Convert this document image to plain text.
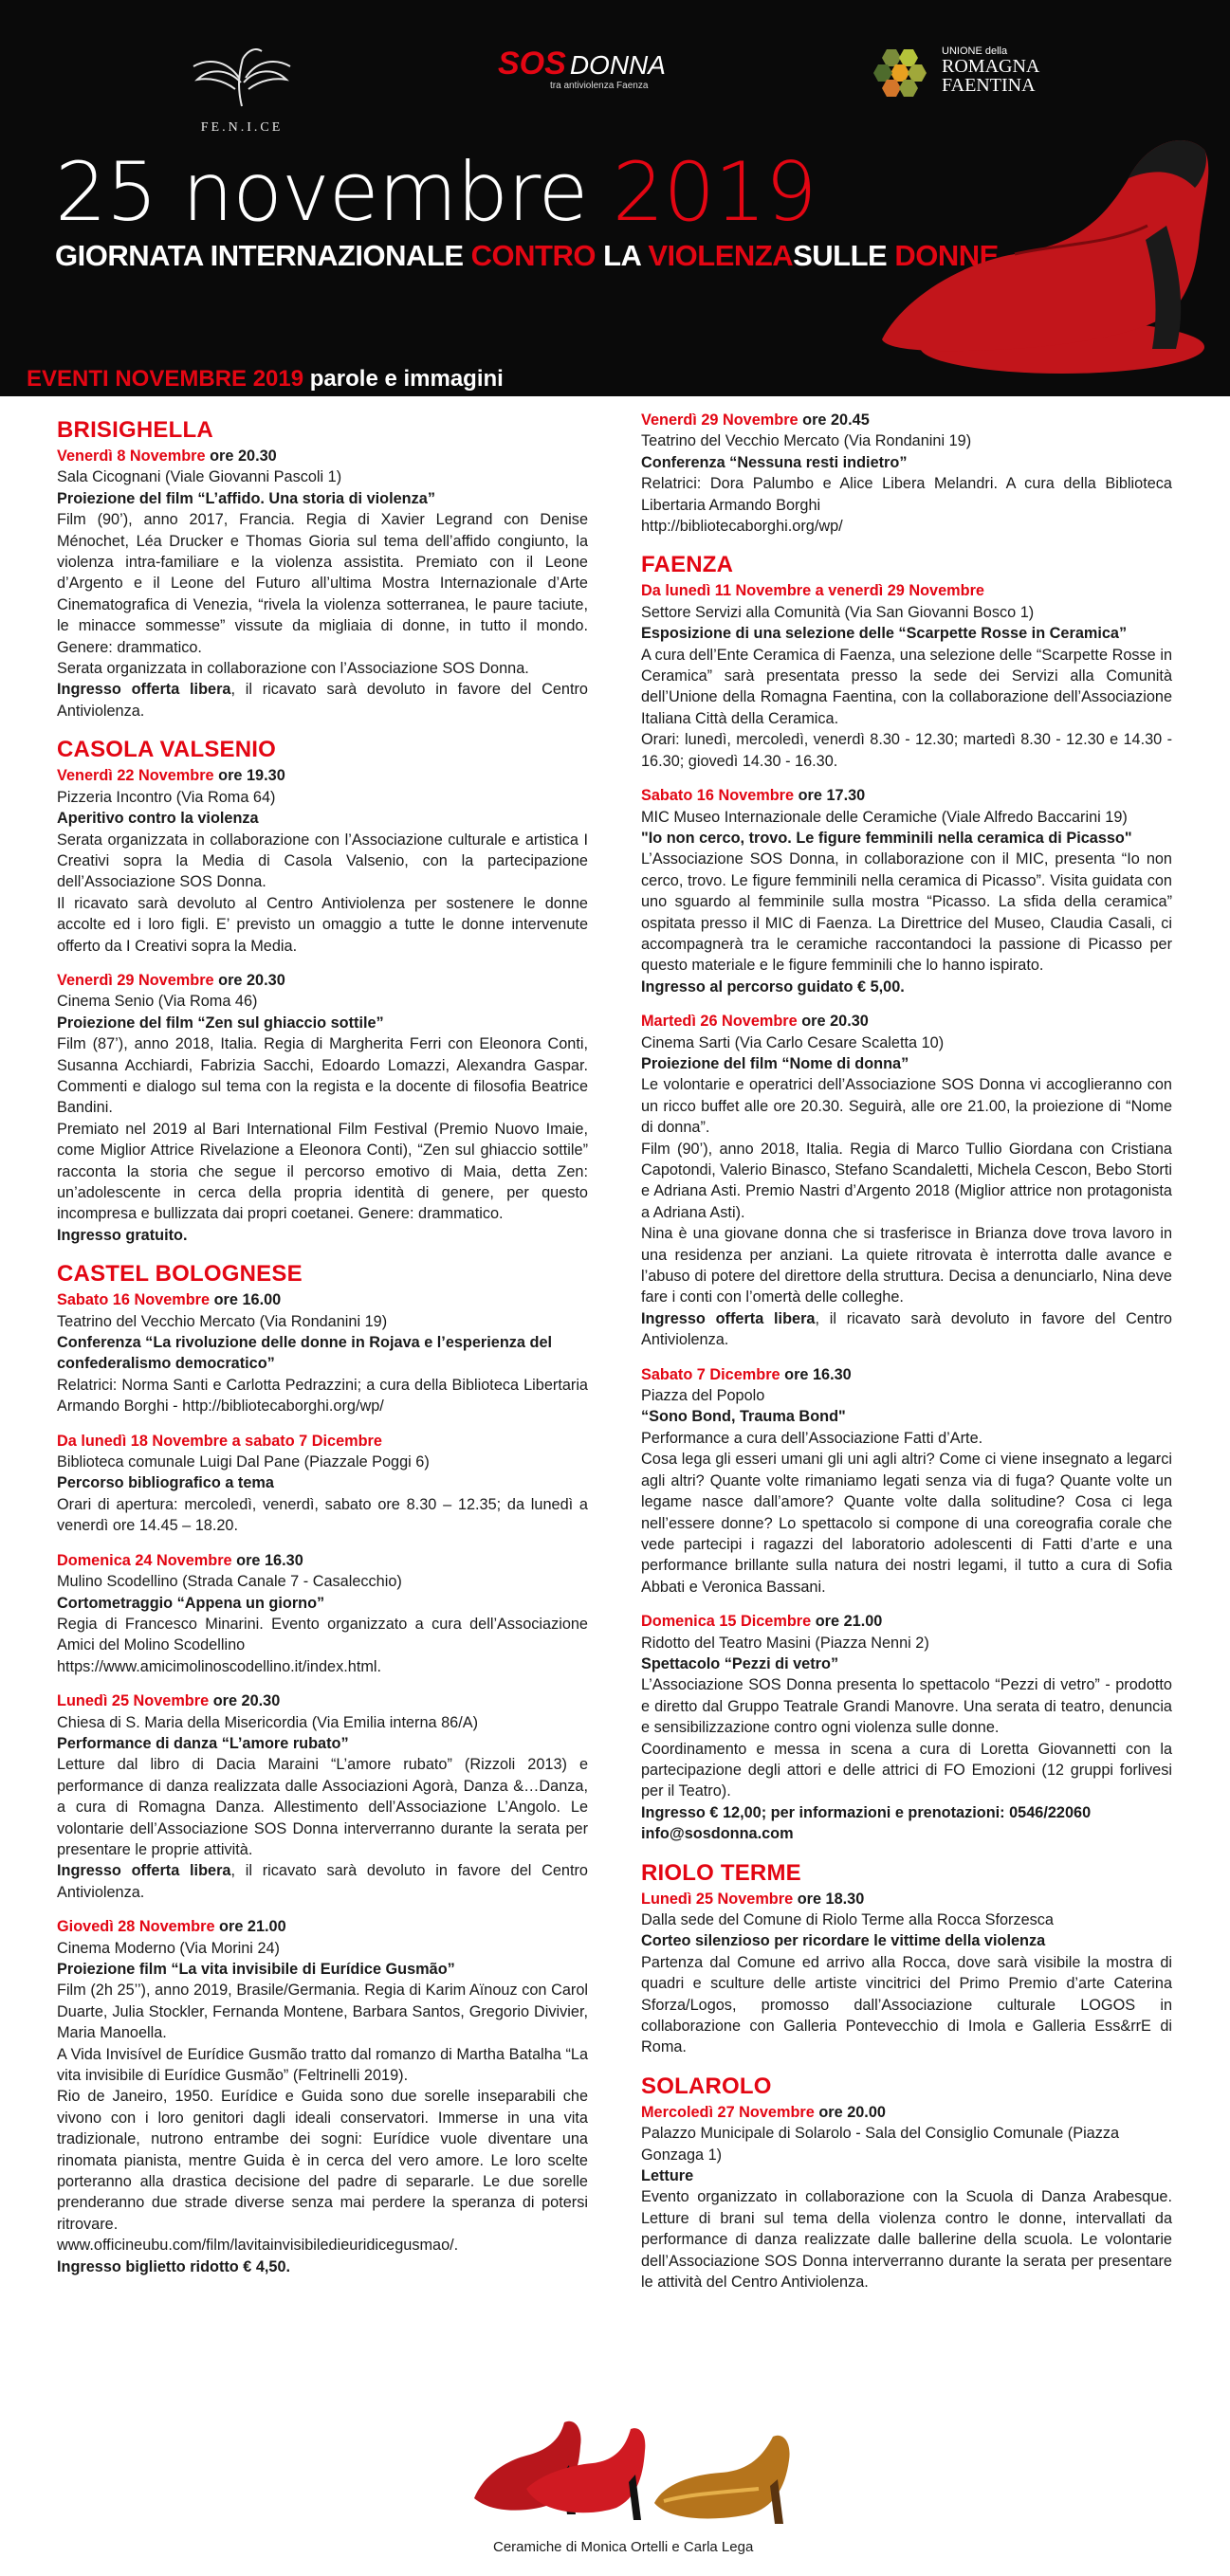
FE.N.I.CE
SOS DONNA
tra antiviolenza Faenza
UNIONE della
ROMAGNA
FAENTINA
25 novembre 2019
GIORNATA INTERNAZIONALE CONTRO LA VIOLENZASULLE DONNE
EVENTI NOVEMBRE 2019 parole e immagini
BRISIGHELLA
Venerdì 8 Novembre ore 20.30
Sala Cicognani (Viale Giovanni Pascoli 1)
Proiezione del film “L’affido. Una storia di violenza”
Film (90’), anno 2017, Francia. Regia di Xavier Legrand con Denise Ménochet, Léa Drucker e Thomas Gioria sul tema dell’affido congiunto, la violenza intra-familiare e la violenza assistita. Premiato con il Leone d’Argento e il Leone del Futuro all’ultima Mostra Internazionale d’Arte Cinematografica di Venezia, “rivela la violenza sotterranea, le paure taciute, le minacce sommesse” vissute da migliaia di donne, in tutto il mondo. Genere: drammatico.
Serata organizzata in collaborazione con l’Associazione SOS Donna.
Ingresso offerta libera, il ricavato sarà devoluto in favore del Centro Antiviolenza.
CASOLA VALSENIO
Venerdì 22 Novembre ore 19.30
Pizzeria Incontro (Via Roma 64)
Aperitivo contro la violenza
Serata organizzata in collaborazione con l’Associazione culturale e artistica I Creativi sopra la Media di Casola Valsenio, con la partecipazione dell’Associazione SOS Donna.
Il ricavato sarà devoluto al Centro Antiviolenza per sostenere le donne accolte ed i loro figli. E’ previsto un omaggio a tutte le donne intervenute offerto da I Creativi sopra la Media.
Venerdì 29 Novembre ore 20.30
Cinema Senio (Via Roma 46)
Proiezione del film “Zen sul ghiaccio sottile”
Film (87’), anno 2018, Italia. Regia di Margherita Ferri con Eleonora Conti, Susanna Acchiardi, Fabrizia Sacchi, Edoardo Lomazzi, Alexandra Gaspar. Commenti e dialogo sul tema con la regista e la docente di filosofia Beatrice Bandini.
Premiato nel 2019 al Bari International Film Festival (Premio Nuovo Imaie, come Miglior Attrice Rivelazione a Eleonora Conti), “Zen sul ghiaccio sottile” racconta la storia che segue il percorso emotivo di Maia, detta Zen: un’adolescente in cerca della propria identità di genere, per questo incompresa e bullizzata dai propri coetanei. Genere: drammatico.
Ingresso gratuito.
CASTEL BOLOGNESE
Sabato 16 Novembre ore 16.00
Teatrino del Vecchio Mercato (Via Rondanini 19)
Conferenza “La rivoluzione delle donne in Rojava e l’esperienza del confederalismo democratico”
Relatrici: Norma Santi e Carlotta Pedrazzini; a cura della Biblioteca Libertaria Armando Borghi - http://bibliotecaborghi.org/wp/
Da lunedì 18 Novembre a sabato 7 Dicembre
Biblioteca comunale Luigi Dal Pane (Piazzale Poggi 6)
Percorso bibliografico a tema
Orari di apertura: mercoledì, venerdì, sabato ore 8.30 – 12.35; da lunedì a venerdì ore 14.45 – 18.20.
Domenica 24 Novembre ore 16.30
Mulino Scodellino (Strada Canale 7 - Casalecchio)
Cortometraggio “Appena un giorno”
Regia di Francesco Minarini. Evento organizzato a cura dell’Associazione Amici del Molino Scodellino
https://www.amicimolinoscodellino.it/index.html.
Lunedì 25 Novembre ore 20.30
Chiesa di S. Maria della Misericordia (Via Emilia interna 86/A)
Performance di danza “L’amore rubato”
Letture dal libro di Dacia Maraini “L’amore rubato” (Rizzoli 2013) e performance di danza realizzata dalle Associazioni Agorà, Danza &…Danza, a cura di Romagna Danza. Allestimento dell’Associazione L’Angolo. Le volontarie dell’Associazione SOS Donna interverranno durante la serata per presentare le proprie attività.
Ingresso offerta libera, il ricavato sarà devoluto in favore del Centro Antiviolenza.
Giovedì 28 Novembre ore 21.00
Cinema Moderno (Via Morini 24)
Proiezione film “La vita invisibile di Eurídice Gusmão”
Film (2h 25’’), anno 2019, Brasile/Germania. Regia di Karim Aïnouz con Carol Duarte, Julia Stockler, Fernanda Montene, Barbara Santos, Gregorio Divivier, Maria Manoella.
A Vida Invisível de Eurídice Gusmão tratto dal romanzo di Martha Batalha “La vita invisibile di Eurídice Gusmão” (Feltrinelli 2019).
Rio de Janeiro, 1950. Eurídice e Guida sono due sorelle inseparabili che vivono con i loro genitori dagli ideali conservatori. Immerse in una vita tradizionale, nutrono entrambe dei sogni: Eurídice vuole diventare una rinomata pianista, mentre Guida è in cerca del vero amore. Le loro scelte porteranno alla drastica decisione del padre di separarle. Le due sorelle prenderanno due strade diverse senza mai perdere la speranza di potersi ritrovare.
www.officineubu.com/film/lavitainvisibiledieuridicegusmao/.
Ingresso biglietto ridotto € 4,50.
Venerdì 29 Novembre ore 20.45
Teatrino del Vecchio Mercato (Via Rondanini 19)
Conferenza “Nessuna resti indietro”
Relatrici: Dora Palumbo e Alice Libera Melandri. A cura della Biblioteca Libertaria Armando Borghi
http://bibliotecaborghi.org/wp/
FAENZA
Da lunedì 11 Novembre a venerdì 29 Novembre
Settore Servizi alla Comunità (Via San Giovanni Bosco 1)
Esposizione di una selezione delle “Scarpette Rosse in Ceramica”
A cura dell’Ente Ceramica di Faenza, una selezione delle “Scarpette Rosse in Ceramica” sarà presentata presso la sede dei Servizi alla Comunità dell’Unione della Romagna Faentina, con la collaborazione dell’Associazione Italiana Città della Ceramica.
Orari: lunedì, mercoledì, venerdì 8.30 - 12.30; martedì 8.30 - 12.30 e 14.30 - 16.30; giovedì 14.30 - 16.30.
Sabato 16 Novembre ore 17.30
MIC Museo Internazionale delle Ceramiche (Viale Alfredo Baccarini 19)
"Io non cerco, trovo. Le figure femminili nella ceramica di Picasso"
L’Associazione SOS Donna, in collaborazione con il MIC, presenta “Io non cerco, trovo. Le figure femminili nella ceramica di Picasso”. Visita guidata con uno sguardo al femminile sulla mostra “Picasso. La sfida della ceramica” ospitata presso il MIC di Faenza. La Direttrice del Museo, Claudia Casali, ci accompagnerà tra le ceramiche raccontandoci la passione di Picasso per questo materiale e le figure femminili che lo hanno ispirato.
Ingresso al percorso guidato € 5,00.
Martedì 26 Novembre ore 20.30
Cinema Sarti (Via Carlo Cesare Scaletta 10)
Proiezione del film “Nome di donna”
Le volontarie e operatrici dell’Associazione SOS Donna vi accoglieranno con un ricco buffet alle ore 20.30. Seguirà, alle ore 21.00, la proiezione di “Nome di donna”.
Film (90’), anno 2018, Italia. Regia di Marco Tullio Giordana con Cristiana Capotondi, Valerio Binasco, Stefano Scandaletti, Michela Cescon, Bebo Storti e Adriana Asti. Premio Nastri d’Argento 2018 (Miglior attrice non protagonista a Adriana Asti).
Nina è una giovane donna che si trasferisce in Brianza dove trova lavoro in una residenza per anziani. La quiete ritrovata è interrotta dalle avance e l’abuso di potere del direttore della struttura. Decisa a denunciarlo, Nina deve fare i conti con l’omertà delle colleghe.
Ingresso offerta libera, il ricavato sarà devoluto in favore del Centro Antiviolenza.
Sabato 7 Dicembre ore 16.30
Piazza del Popolo
“Sono Bond, Trauma Bond"
Performance a cura dell’Associazione Fatti d’Arte.
Cosa lega gli esseri umani gli uni agli altri? Come ci viene insegnato a legarci agli altri? Quante volte rimaniamo legati senza via di fuga? Quante volte un legame nasce dall’amore? Quante volte dalla solitudine? Cosa ci lega nell’essere donne? Lo spettacolo si compone di una coreografia corale che vede partecipi i ragazzi del laboratorio adolescenti di Fatti d’arte e una performance brillante sulla natura dei nostri legami, il tutto a cura di Sofia Abbati e Veronica Bassani.
Domenica 15 Dicembre ore 21.00
Ridotto del Teatro Masini (Piazza Nenni 2)
Spettacolo “Pezzi di vetro”
L’Associazione SOS Donna presenta lo spettacolo “Pezzi di vetro” - prodotto e diretto dal Gruppo Teatrale Grandi Manovre. Una serata di teatro, denuncia e sensibilizzazione contro ogni violenza sulle donne.
Coordinamento e messa in scena a cura di Loretta Giovannetti con la partecipazione degli attori e delle attrici di FO Emozioni (12 gruppi forlivesi per il Teatro).
Ingresso € 12,00; per informazioni e prenotazioni: 0546/22060
info@sosdonna.com
RIOLO TERME
Lunedì 25 Novembre ore 18.30
Dalla sede del Comune di Riolo Terme alla Rocca Sforzesca
Corteo silenzioso per ricordare le vittime della violenza
Partenza dal Comune ed arrivo alla Rocca, dove sarà visibile la mostra di quadri e sculture delle artiste vincitrici del Primo Premio d’arte Caterina Sforza/Logos, promosso dall’Associazione culturale LOGOS in collaborazione con Galleria Pontevecchio di Imola e Galleria Ess&rrE di Roma.
SOLAROLO
Mercoledì 27 Novembre ore 20.00
Palazzo Municipale di Solarolo - Sala del Consiglio Comunale (Piazza Gonzaga 1)
Letture
Evento organizzato in collaborazione con la Scuola di Danza Arabesque. Letture di brani sul tema della violenza contro le donne, intervallati da performance di danza realizzate dalle ballerine della scuola. Le volontarie dell’Associazione SOS Donna interverranno durante la serata per presentare le attività del Centro Antiviolenza.
Ceramiche di Monica Ortelli e Carla Lega
